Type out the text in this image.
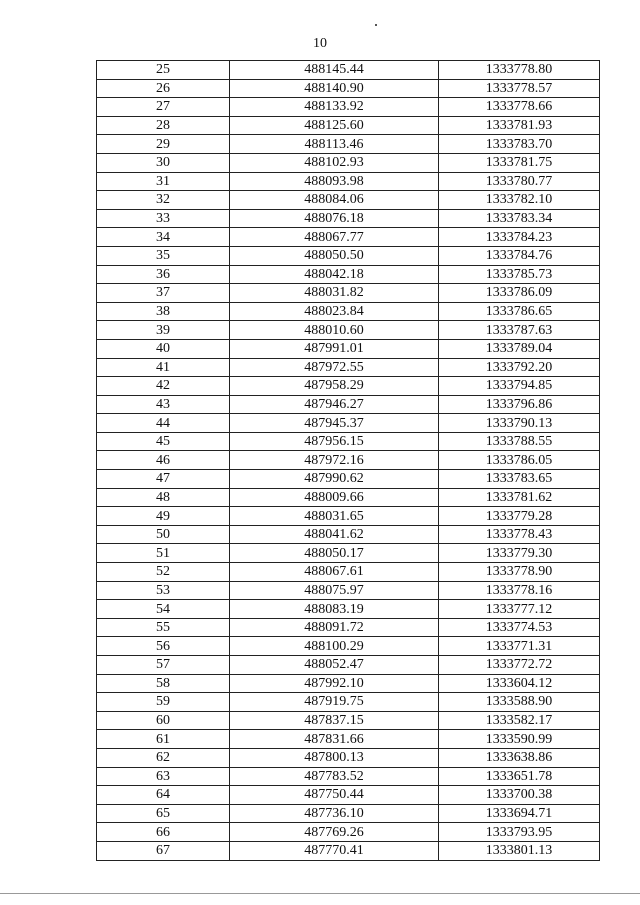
10
25	488145.44	1333778.80
26	488140.90	1333778.57
27	488133.92	1333778.66
28	488125.60	1333781.93
29	488113.46	1333783.70
30	488102.93	1333781.75
31	488093.98	1333780.77
32	488084.06	1333782.10
33	488076.18	1333783.34
34	488067.77	1333784.23
35	488050.50	1333784.76
36	488042.18	1333785.73
37	488031.82	1333786.09
38	488023.84	1333786.65
39	488010.60	1333787.63
40	487991.01	1333789.04
41	487972.55	1333792.20
42	487958.29	1333794.85
43	487946.27	1333796.86
44	487945.37	1333790.13
45	487956.15	1333788.55
46	487972.16	1333786.05
47	487990.62	1333783.65
48	488009.66	1333781.62
49	488031.65	1333779.28
50	488041.62	1333778.43
51	488050.17	1333779.30
52	488067.61	1333778.90
53	488075.97	1333778.16
54	488083.19	1333777.12
55	488091.72	1333774.53
56	488100.29	1333771.31
57	488052.47	1333772.72
58	487992.10	1333604.12
59	487919.75	1333588.90
60	487837.15	1333582.17
61	487831.66	1333590.99
62	487800.13	1333638.86
63	487783.52	1333651.78
64	487750.44	1333700.38
65	487736.10	1333694.71
66	487769.26	1333793.95
67	487770.41	1333801.13
